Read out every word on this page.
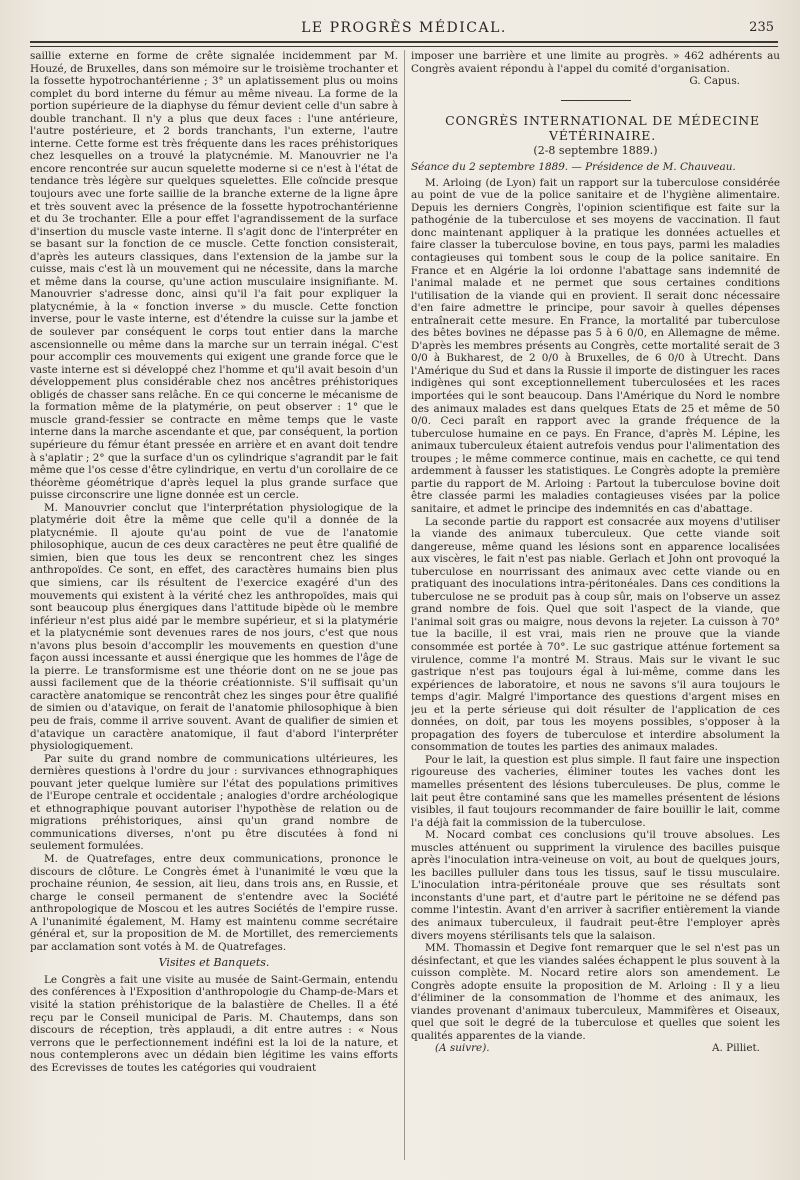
LE PROGRÈS MÉDICAL.	235

saillie externe en forme de crête signalée incidemment par M. Houzé, de Bruxelles, dans son mémoire sur le troisième trochanter et la fossette hypotrochantérienne ; 3° un aplatissement plus ou moins complet du bord interne du fémur au même niveau. La forme de la portion supérieure de la diaphyse du fémur devient celle d'un sabre à double tranchant. Il n'y a plus que deux faces : l'une antérieure, l'autre postérieure, et 2 bords tranchants, l'un externe, l'autre interne. Cette forme est très fréquente dans les races préhistoriques chez lesquelles on a trouvé la platycnémie. M. Manouvrier ne l'a encore rencontrée sur aucun squelette moderne si ce n'est à l'état de tendance très légère sur quelques squelettes. Elle coïncide presque toujours avec une forte saillie de la branche externe de la ligne âpre et très souvent avec la présence de la fossette hypotrochantérienne et du 3e trochanter. Elle a pour effet l'agrandissement de la surface d'insertion du muscle vaste interne. Il s'agit donc de l'interpréter en se basant sur la fonction de ce muscle. Cette fonction consisterait, d'après les auteurs classiques, dans l'extension de la jambe sur la cuisse, mais c'est là un mouvement qui ne nécessite, dans la marche et même dans la course, qu'une action musculaire insignifiante. M. Manouvrier s'adresse donc, ainsi qu'il l'a fait pour expliquer la platycnémie, à la « fonction inverse » du muscle. Cette fonction inverse, pour le vaste interne, est d'étendre la cuisse sur la jambe et de soulever par conséquent le corps tout entier dans la marche ascensionnelle ou même dans la marche sur un terrain inégal. C'est pour accomplir ces mouvements qui exigent une grande force que le vaste interne est si développé chez l'homme et qu'il avait besoin d'un développement plus considérable chez nos ancêtres préhistoriques obligés de chasser sans relâche. En ce qui concerne le mécanisme de la formation même de la platymérie, on peut observer : 1° que le muscle grand-fessier se contracte en même temps que le vaste interne dans la marche ascendante et que, par conséquent, la portion supérieure du fémur étant pressée en arrière et en avant doit tendre à s'aplatir ; 2° que la surface d'un os cylindrique s'agrandit par le fait même que l'os cesse d'être cylindrique, en vertu d'un corollaire de ce théorème géométrique d'après lequel la plus grande surface que puisse circonscrire une ligne donnée est un cercle.

M. Manouvrier conclut que l'interprétation physiologique de la platymérie doit être la même que celle qu'il a donnée de la platycnémie. Il ajoute qu'au point de vue de l'anatomie philosophique, aucun de ces deux caractères ne peut être qualifié de simien, bien que tous les deux se rencontrent chez les singes anthropoïdes. Ce sont, en effet, des caractères humains bien plus que simiens, car ils résultent de l'exercice exagéré d'un des mouvements qui existent à la vérité chez les anthropoïdes, mais qui sont beaucoup plus énergiques dans l'attitude bipède où le membre inférieur n'est plus aidé par le membre supérieur, et si la platymérie et la platycnémie sont devenues rares de nos jours, c'est que nous n'avons plus besoin d'accomplir les mouvements en question d'une façon aussi incessante et aussi énergique que les hommes de l'âge de la pierre. Le transformisme est une théorie dont on ne se joue pas aussi facilement que de la théorie créationniste. S'il suffisait qu'un caractère anatomique se rencontrât chez les singes pour être qualifié de simien ou d'atavique, on ferait de l'anatomie philosophique à bien peu de frais, comme il arrive souvent. Avant de qualifier de simien et d'atavique un caractère anatomique, il faut d'abord l'interpréter physiologiquement.

Par suite du grand nombre de communications ultérieures, les dernières questions à l'ordre du jour : survivances ethnographiques pouvant jeter quelque lumière sur l'état des populations primitives de l'Europe centrale et occidentale ; analogies d'ordre archéologique et ethnographique pouvant autoriser l'hypothèse de relation ou de migrations préhistoriques, ainsi qu'un grand nombre de communications diverses, n'ont pu être discutées à fond ni seulement formulées.

M. de Quatrefages, entre deux communications, prononce le discours de clôture. Le Congrès émet à l'unanimité le vœu que la prochaine réunion, 4e session, ait lieu, dans trois ans, en Russie, et charge le conseil permanent de s'entendre avec la Société anthropologique de Moscou et les autres Sociétés de l'empire russe. A l'unanimité également, M. Hamy est maintenu comme secrétaire général et, sur la proposition de M. de Mortillet, des remerciements par acclamation sont votés à M. de Quatrefages.

Visites et Banquets.

Le Congrès a fait une visite au musée de Saint-Germain, entendu des conférences à l'Exposition d'anthropologie du Champ-de-Mars et visité la station préhistorique de la balastière de Chelles. Il a été reçu par le Conseil municipal de Paris. M. Chautemps, dans son discours de réception, très applaudi, a dit entre autres : « Nous verrons que le perfectionnement indéfini est la loi de la nature, et nous contemplerons avec un dédain bien légitime les vains efforts des Ecrevisses de toutes les catégories qui voudraient

imposer une barrière et une limite au progrès. » 462 adhérents au Congrès avaient répondu à l'appel du comité d'organisation.

G. Capus.

CONGRÈS INTERNATIONAL DE MÉDECINE

VÉTÉRINAIRE.

(2-8 septembre 1889.)

Séance du 2 septembre 1889. — Présidence de M. Chauveau.

M. Arloing (de Lyon) fait un rapport sur la tuberculose considérée au point de vue de la police sanitaire et de l'hygiène alimentaire. Depuis les derniers Congrès, l'opinion scientifique est faite sur la pathogénie de la tuberculose et ses moyens de vaccination. Il faut donc maintenant appliquer à la pratique les données actuelles et faire classer la tuberculose bovine, en tous pays, parmi les maladies contagieuses qui tombent sous le coup de la police sanitaire. En France et en Algérie la loi ordonne l'abattage sans indemnité de l'animal malade et ne permet que sous certaines conditions l'utilisation de la viande qui en provient. Il serait donc nécessaire d'en faire admettre le principe, pour savoir à quelles dépenses entraînerait cette mesure. En France, la mortalité par tuberculose des bêtes bovines ne dépasse pas 5 à 6 0/0, en Allemagne de même. D'après les membres présents au Congrès, cette mortalité serait de 3 0/0 à Bukharest, de 2 0/0 à Bruxelles, de 6 0/0 à Utrecht. Dans l'Amérique du Sud et dans la Russie il importe de distinguer les races indigènes qui sont exceptionnellement tuberculosées et les races importées qui le sont beaucoup. Dans l'Amérique du Nord le nombre des animaux malades est dans quelques Etats de 25 et même de 50 0/0. Ceci paraît en rapport avec la grande fréquence de la tuberculose humaine en ce pays. En France, d'après M. Lépine, les animaux tuberculeux étaient autrefois vendus pour l'alimentation des troupes ; le même commerce continue, mais en cachette, ce qui tend ardemment à fausser les statistiques. Le Congrès adopte la première partie du rapport de M. Arloing : Partout la tuberculose bovine doit être classée parmi les maladies contagieuses visées par la police sanitaire, et admet le principe des indemnités en cas d'abattage.

La seconde partie du rapport est consacrée aux moyens d'utiliser la viande des animaux tuberculeux. Que cette viande soit dangereuse, même quand les lésions sont en apparence localisées aux viscères, le fait n'est pas niable. Gerlach et John ont provoqué la tuberculose en nourrissant des animaux avec cette viande ou en pratiquant des inoculations intra-péritonéales. Dans ces conditions la tuberculose ne se produit pas à coup sûr, mais on l'observe un assez grand nombre de fois. Quel que soit l'aspect de la viande, que l'animal soit gras ou maigre, nous devons la rejeter. La cuisson à 70° tue la bacille, il est vrai, mais rien ne prouve que la viande consommée est portée à 70°. Le suc gastrique atténue fortement sa virulence, comme l'a montré M. Straus. Mais sur le vivant le suc gastrique n'est pas toujours égal à lui-même, comme dans les expériences de laboratoire, et nous ne savons s'il aura toujours le temps d'agir. Malgré l'importance des questions d'argent mises en jeu et la perte sérieuse qui doit résulter de l'application de ces données, on doit, par tous les moyens possibles, s'opposer à la propagation des foyers de tuberculose et interdire absolument la consommation de toutes les parties des animaux malades.

Pour le lait, la question est plus simple. Il faut faire une inspection rigoureuse des vacheries, éliminer toutes les vaches dont les mamelles présentent des lésions tuberculeuses. De plus, comme le lait peut être contaminé sans que les mamelles présentent de lésions visibles, il faut toujours recommander de faire bouillir le lait, comme l'a déjà fait la commission de la tuberculose.

M. Nocard combat ces conclusions qu'il trouve absolues. Les muscles atténuent ou suppriment la virulence des bacilles puisque après l'inoculation intra-veineuse on voit, au bout de quelques jours, les bacilles pulluler dans tous les tissus, sauf le tissu musculaire. L'inoculation intra-péritonéale prouve que ses résultats sont inconstants d'une part, et d'autre part le péritoine ne se défend pas comme l'intestin. Avant d'en arriver à sacrifier entièrement la viande des animaux tuberculeux, il faudrait peut-être l'employer après divers moyens stérilisants tels que la salaison.

MM. Thomassin et Degive font remarquer que le sel n'est pas un désinfectant, et que les viandes salées échappent le plus souvent à la cuisson complète. M. Nocard retire alors son amendement. Le Congrès adopte ensuite la proposition de M. Arloing : Il y a lieu d'éliminer de la consommation de l'homme et des animaux, les viandes provenant d'animaux tuberculeux, Mammifères et Oiseaux, quel que soit le degré de la tuberculose et quelles que soient les qualités apparentes de la viande.

(A suivre).	A. Pilliet.
